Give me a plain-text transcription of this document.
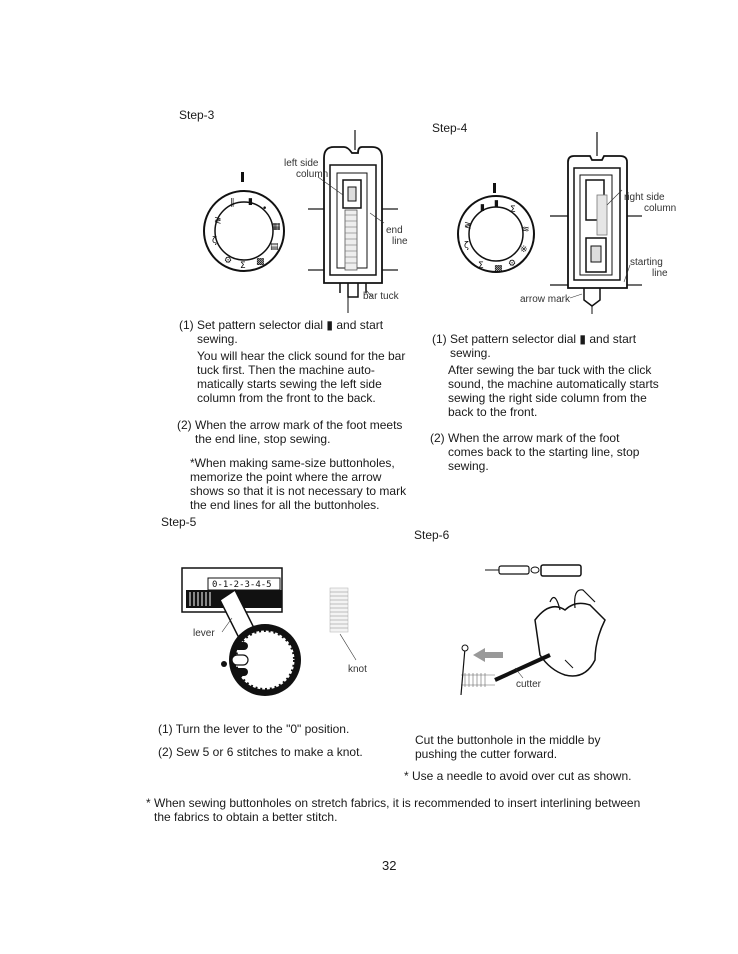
Step-3
∥ ▮
•
≷
▦
ζ
▤
⚙ Σ ▩
left side
column
end
line
bar tuck
(1) Set pattern selector dial ▮ and start
sewing.
You will hear the click sound for the bar
tuck first. Then the machine auto-
matically starts sewing the left side
column from the front to the back.
(2) When the arrow mark of the foot meets
the end line, stop sewing.
*When making same-size buttonholes,
memorize the point where the arrow
shows so that it is not necessary to mark
the end lines for all the buttonholes.
Step-4
▮ ▮
Σ
≷	≋
ζ	※
Σ ▩ ⚙
right side
column
starting
line
arrow mark
(1) Set pattern selector dial ▮ and start
sewing.
After sewing the bar tuck with the click
sound, the machine automatically starts
sewing the right side column from the
back to the front.
(2) When the arrow mark of the foot
comes back to the starting line, stop
sewing.
Step-5
0-1-2-3-4-5
lever
knot
(1) Turn the lever to the "0" position.
(2) Sew 5 or 6 stitches to make a knot.
Step-6
cutter
Cut the buttonhole in the middle by
pushing the cutter forward.
* Use a needle to avoid over cut as shown.
* When sewing buttonholes on stretch fabrics, it is recommended to insert interlining between
the fabrics to obtain a better stitch.
32
